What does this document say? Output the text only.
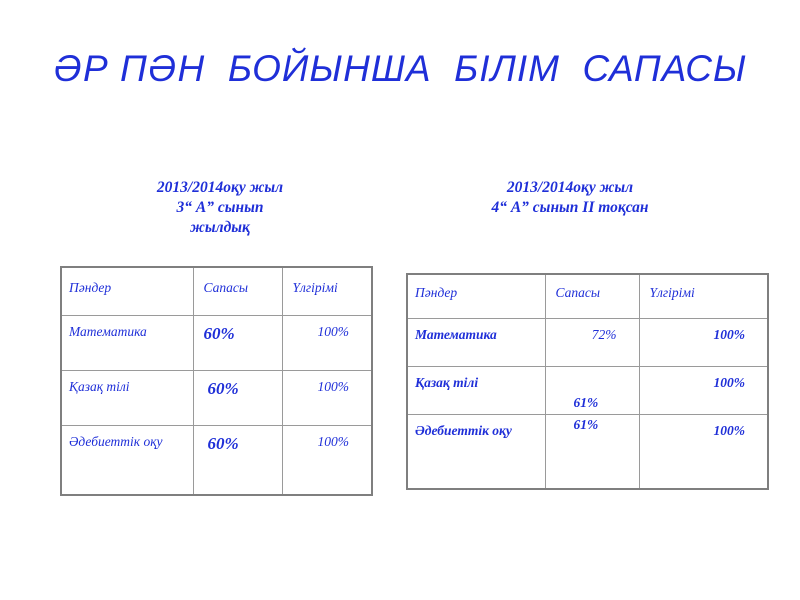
ӘР ПӘН  БОЙЫНША  БІЛІМ  САПАСЫ
2013/2014оқу жыл
3“ А” сынып
жылдық
2013/2014оқу жыл
4“ А” сынып ІІ тоқсан
Пәндер	Сапасы	Үлгірімі
Математика	60%	100%
Қазақ тілі	60%	100%
Әдебиеттік оқу	60%	100%
Пәндер	Сапасы	Үлгірімі
Математика	72%	100%
Қазақ тілі	61%	100%
Әдебиеттік оқу	61%	100%
